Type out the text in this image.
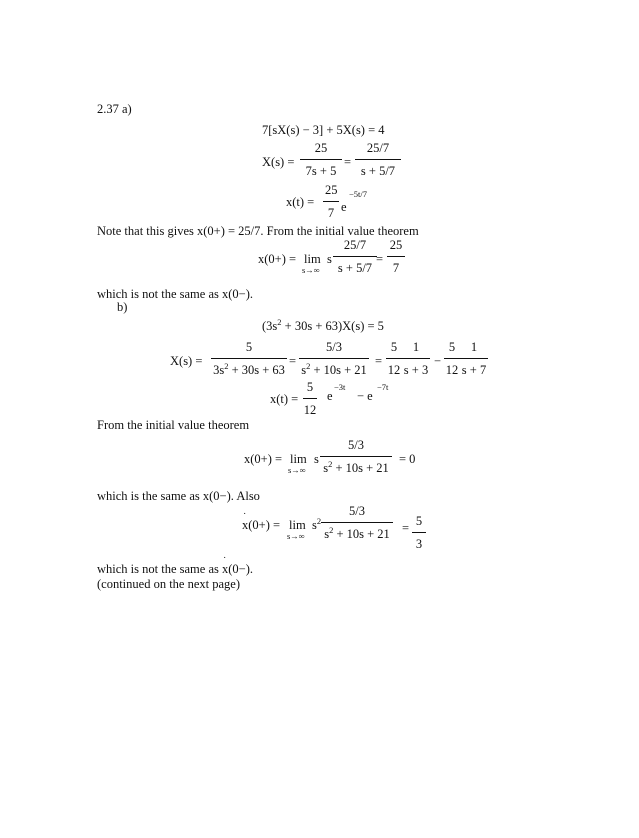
2.37 a)
7[sX(s) − 3] + 5X(s) = 4
X(s) =
25
7s + 5
=
25/7
s + 5/7
x(t) =
25
7 e
−5t/7
Note that this gives x(0+) = 25/7. From the initial value theorem
x(0+) = lim
s→∞
s
25/7
s + 5/7
=
25
7
which is not the same as x(0−).
b)
$(3s^2 + 30s + 63)X(s) = 5$
X(s) =
5
$3s^2 + 30s + 63$
=
5/3
$s^2 + 10s + 21$
=
5
12
1
s + 3
−
5
12
1
s + 7
x(t) =
5
12
e
−3t
− e
−7t
From the initial value theorem
x(0+) = lim
s→∞
s
5/3
$s^2 + 10s + 21$
= 0
which is the same as x(0−). Also
˙ x(0+) = lim
s→∞
$s^2$
5/3
$s^2 + 10s + 21 = 5$
3
which is not the same as ˙ x(0−).
(continued on the next page)
